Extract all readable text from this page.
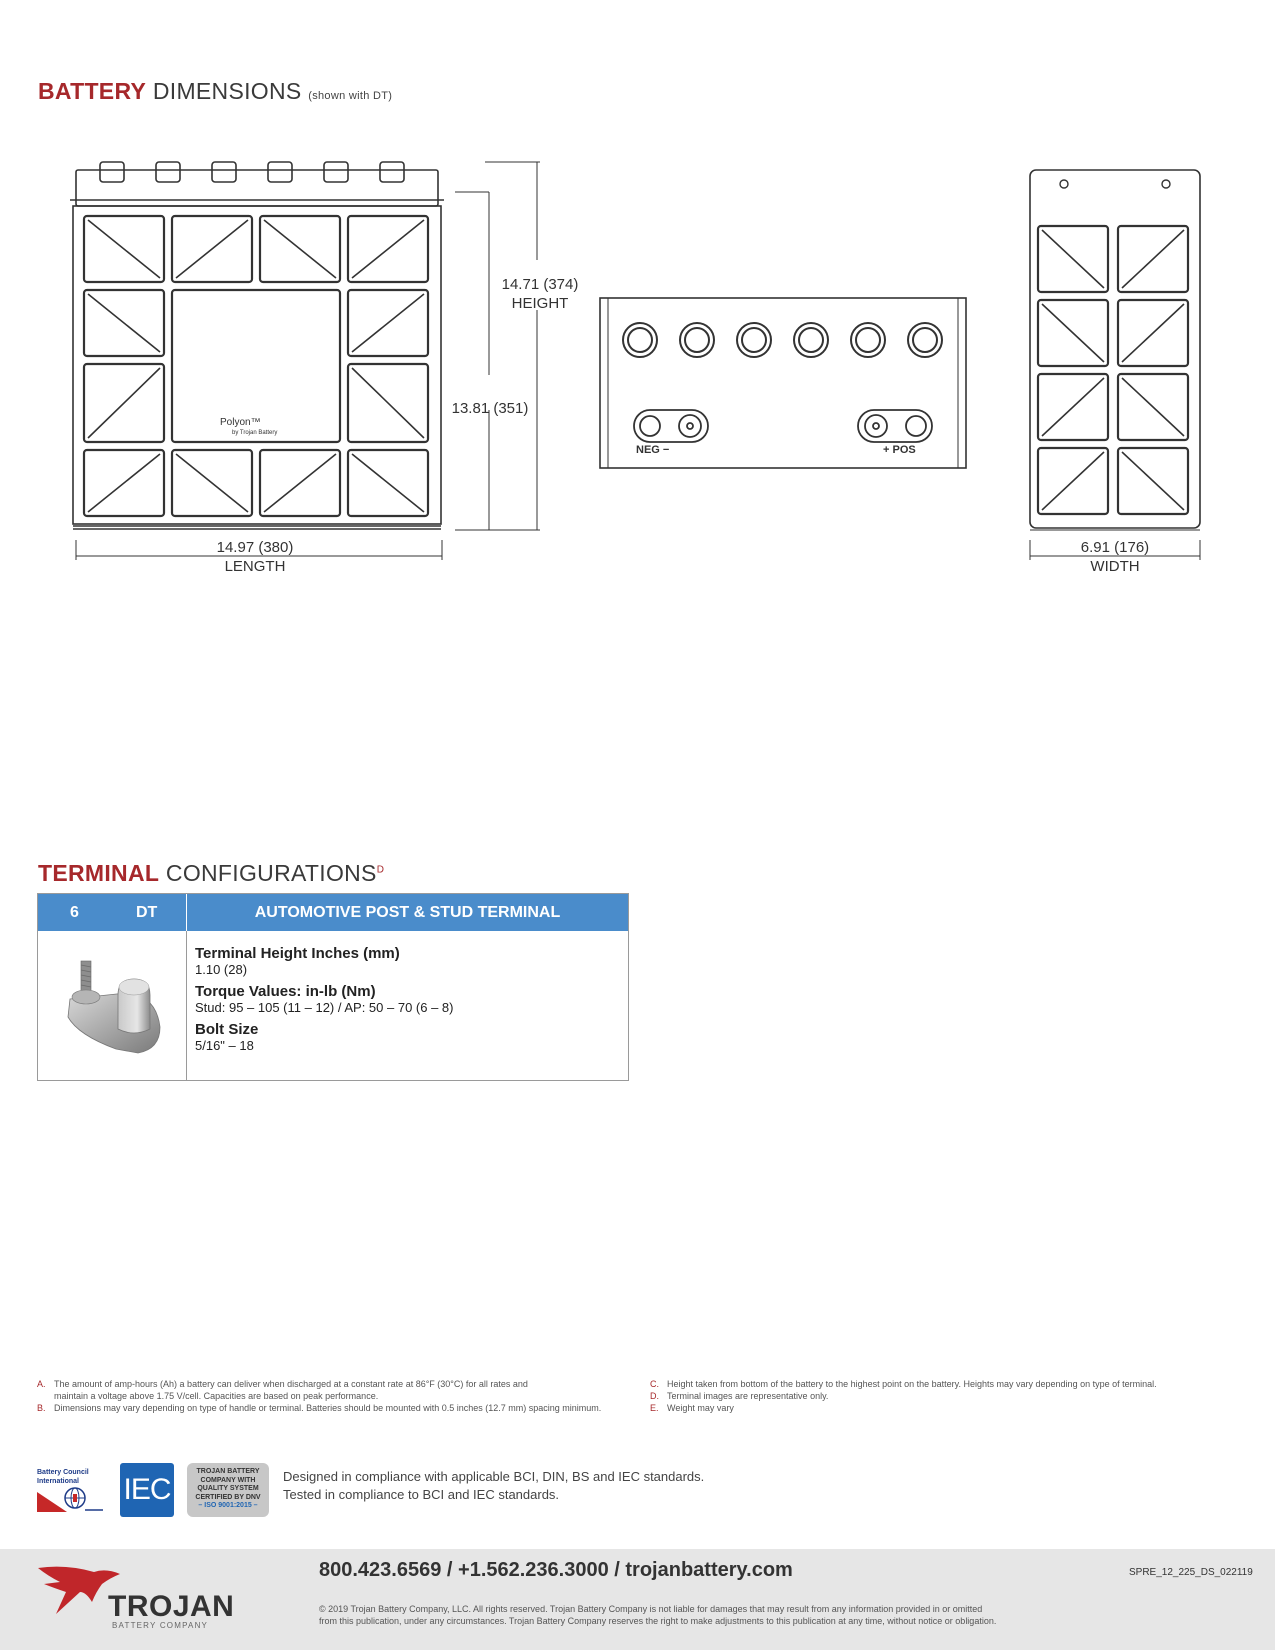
BATTERY DIMENSIONS (shown with DT)
Polyon™
by Trojan Battery
14.71 (374)
HEIGHT
13.81 (351)
14.97 (380)
LENGTH
NEG −	+ POS
6.91 (176)
WIDTH
TERMINAL $CONFIGURATIONS^D$
6	DT	AUTOMOTIVE POST & STUD TERMINAL
Terminal Height Inches (mm)
1.10 (28)
Torque Values: in-lb (Nm)
Stud: 95 – 105 (11 – 12) / AP: 50 – 70 (6 – 8)
Bolt Size
5/16" – 18
A. The amount of amp-hours (Ah) a battery can deliver when discharged at a constant rate at 86°F (30°C) for all rates and
maintain a voltage above 1.75 V/cell. Capacities are based on peak performance.
B. Dimensions may vary depending on type of handle or terminal. Batteries should be mounted with 0.5 inches (12.7 mm) spacing minimum.
C. Height taken from bottom of the battery to the highest point on the battery. Heights may vary depending on type of terminal.
D. Terminal images are representative only.
E. Weight may vary
Battery Council
International	IEC
TROJAN BATTERY
COMPANY WITH
QUALITY SYSTEM
CERTIFIED BY DNV
– ISO 9001:2015 –
Designed in compliance with applicable BCI, DIN, BS and IEC standards.
Tested in compliance to BCI and IEC standards.
TROJAN
BATTERY COMPANY
800.423.6569 / +1.562.236.3000 / trojanbattery.com	SPRE_12_225_DS_022119
© 2019 Trojan Battery Company, LLC. All rights reserved. Trojan Battery Company is not liable for damages that may result from any information provided in or omitted
from this publication, under any circumstances. Trojan Battery Company reserves the right to make adjustments to this publication at any time, without notice or obligation.
